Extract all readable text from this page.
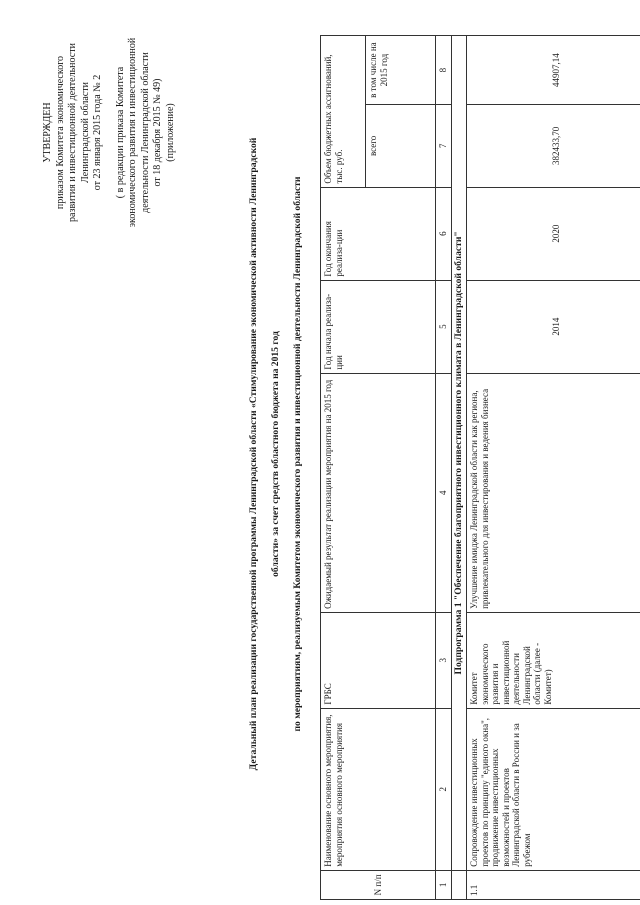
УТВЕРЖДЕН приказом Комитета экономического развития и инвестиционной деятельности Ленинградской области от 23 января 2015 года № 2 ( в редакции приказа Комитета экономического развития и инвестиционной деятельности Ленинградской области от 18 декабря 2015 № 49) (приложение)
Детальный план реализации государственной программы Ленинградской области «Стимулирование экономической активности Ленинградской	области» за счет средств областного бюджета на 2015 год	по мероприятиям, реализуемым Комитетом экономического развития и инвестиционной деятельности Ленинградской области
N п/п	Наименование основного мероприятия, мероприятия основного мероприятия	ГРБС	Ожидаемый результат реализации мероприятия на 2015 год	Год начала реализа-ции	Год окончания реализа-ции	Объем бюджетных ассигнований, тыс. руб.	
						всего	в том числе на 2015 год
1	2	3	4	5	6	7	8
	Подпрограмма 1 "Обеспечение благоприятного инвестиционного климата в Ленинградской области"						
1.1	Сопровождение инвестиционных проектов по принципу "единого окна", продвижение инвестиционных возможностей и проектов Ленинградской области в России и за рубежом	Комитет экономического развития и инвестиционной деятельности Ленинградской области (далее - Комитет)	Улучшение имиджа Ленинградской области как региона, привлекательного для инвестирования и ведения бизнеса	2014	2020	382433,70	44907,14
